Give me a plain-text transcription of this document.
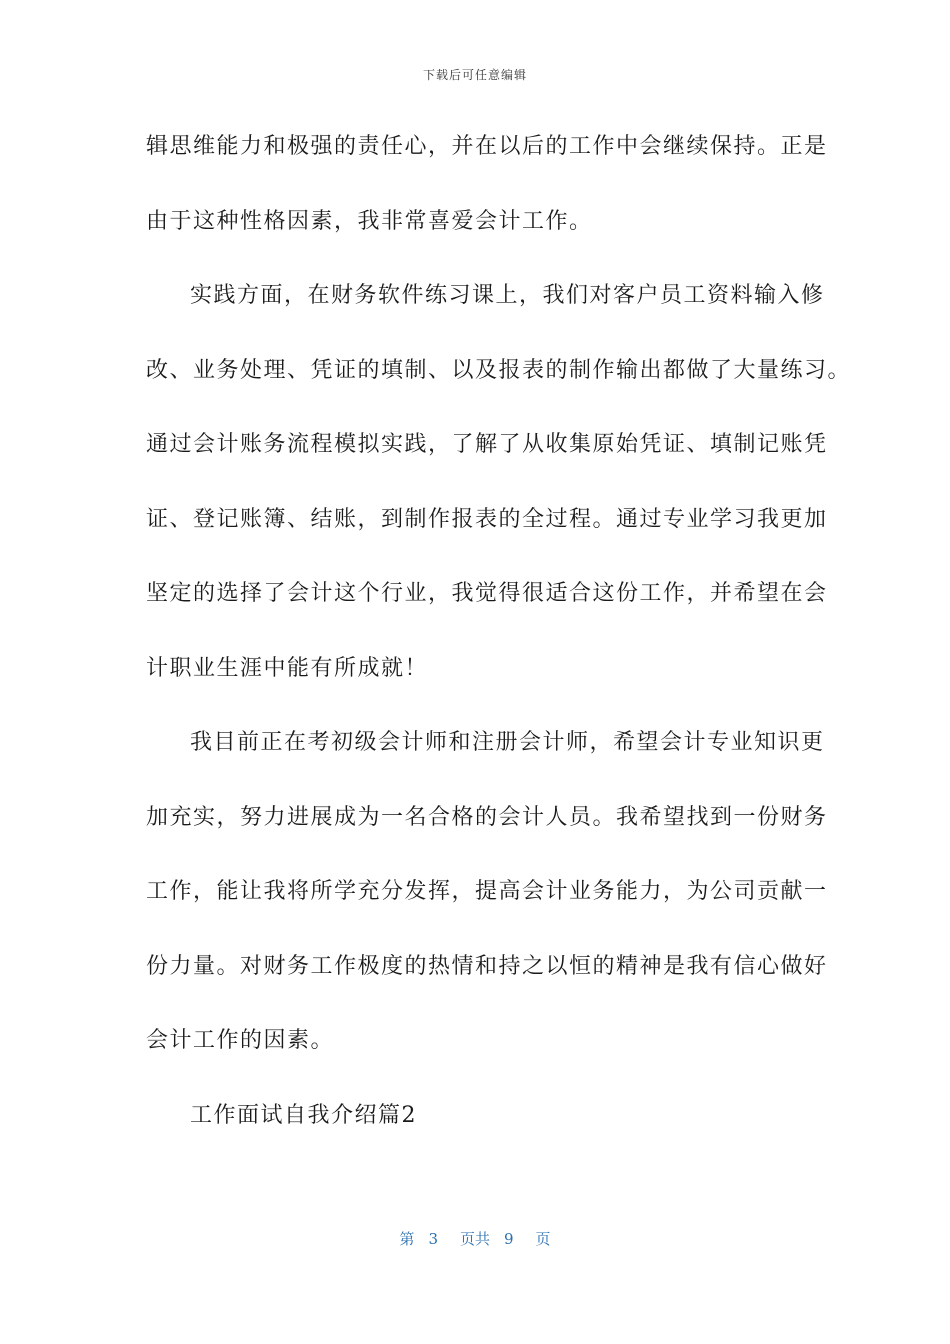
下载后可任意编辑
辑思维能力和极强的责任心，并在以后的工作中会继续保持。正是
由于这种性格因素，我非常喜爱会计工作。
实践方面，在财务软件练习课上，我们对客户员工资料输入修
改、业务处理、凭证的填制、以及报表的制作输出都做了大量练习。
通过会计账务流程模拟实践，了解了从收集原始凭证、填制记账凭
证、登记账簿、结账，到制作报表的全过程。通过专业学习我更加
坚定的选择了会计这个行业，我觉得很适合这份工作，并希望在会
计职业生涯中能有所成就！
我目前正在考初级会计师和注册会计师，希望会计专业知识更
加充实，努力进展成为一名合格的会计人员。我希望找到一份财务
工作，能让我将所学充分发挥，提高会计业务能力，为公司贡献一
份力量。对财务工作极度的热情和持之以恒的精神是我有信心做好
会计工作的因素。
工作面试自我介绍篇2
第 3 页共 9 页
